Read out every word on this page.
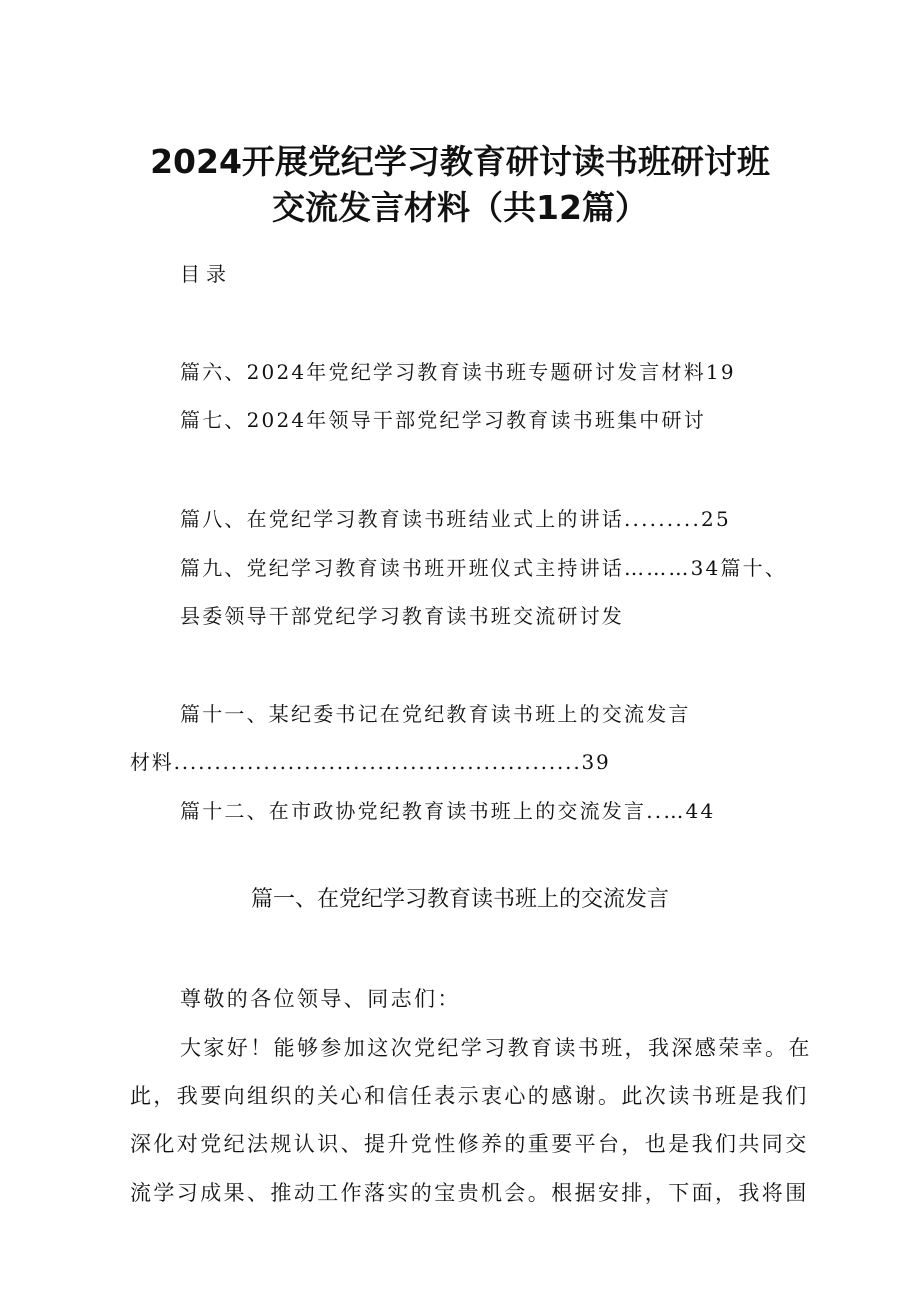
2024开展党纪学习教育研讨读书班研讨班
交流发言材料（共12篇）
目录
篇六、2024年党纪学习教育读书班专题研讨发言材料19
篇七、2024年领导干部党纪学习教育读书班集中研讨
篇八、在党纪学习教育读书班结业式上的讲话.........25
篇九、党纪学习教育读书班开班仪式主持讲话………34篇十、
县委领导干部党纪学习教育读书班交流研讨发
篇十一、某纪委书记在党纪教育读书班上的交流发言
材料..................................................39
篇十二、在市政协党纪教育读书班上的交流发言..…44
篇一、在党纪学习教育读书班上的交流发言
尊敬的各位领导、同志们：
大家好！能够参加这次党纪学习教育读书班，我深感荣幸。在
此，我要向组织的关心和信任表示衷心的感谢。此次读书班是我们
深化对党纪法规认识、提升党性修养的重要平台，也是我们共同交
流学习成果、推动工作落实的宝贵机会。根据安排，下面，我将围
